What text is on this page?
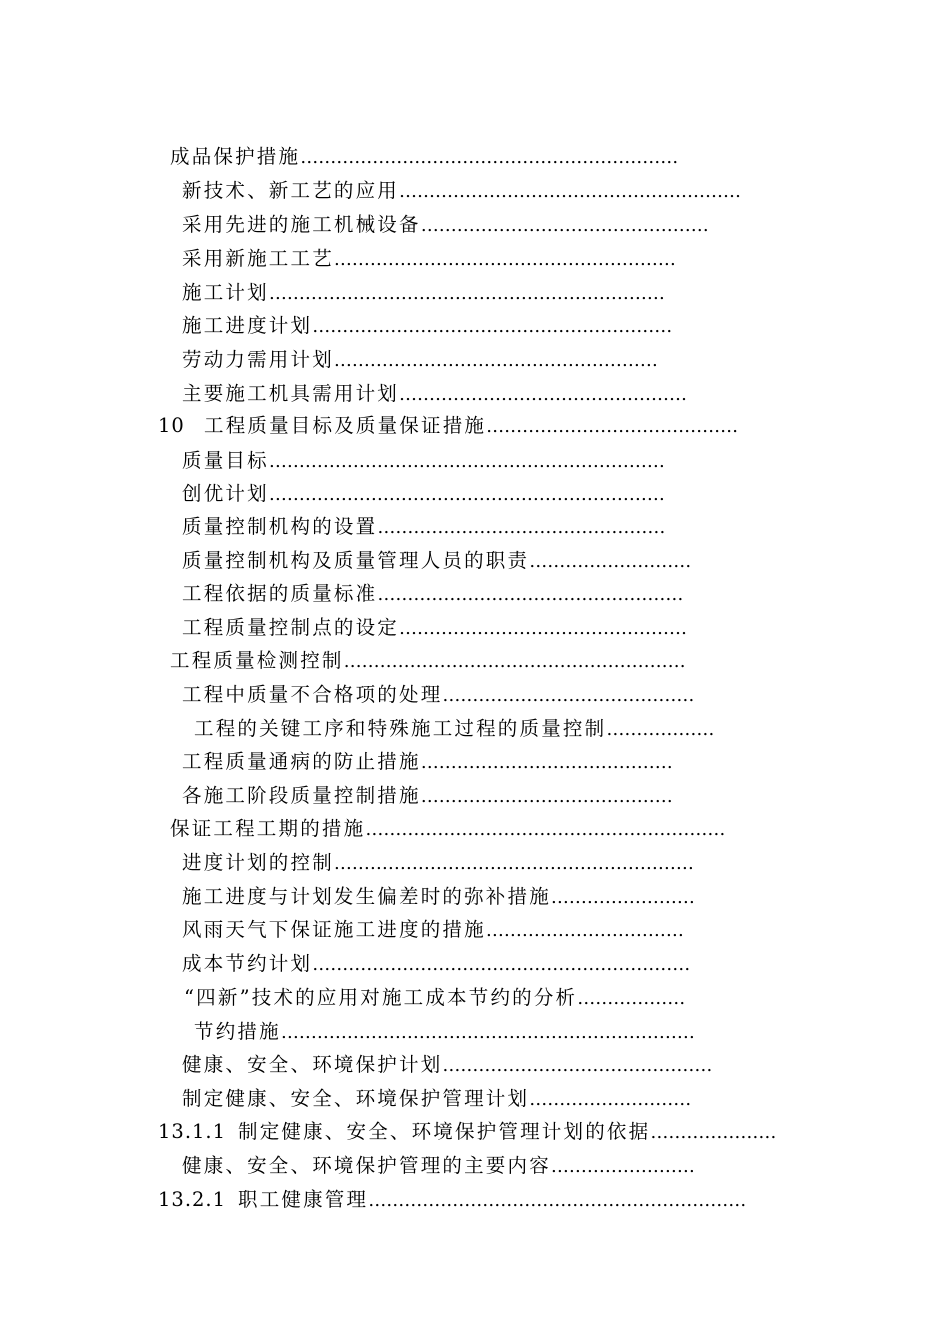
成品保护措施………………………………………………………
新技术、新工艺的应用…………………………………………………
采用先进的施工机械设备…………………………………………
采用新施工工艺…………………………………………………
施工计划…………………………………………………………
施工进度计划……………………………………………………
劳动力需用计划………………………………………………
主要施工机具需用计划…………………………………………
10 工程质量目标及质量保证措施……………………………………
质量目标…………………………………………………………
创优计划…………………………………………………………
质量控制机构的设置…………………………………………
质量控制机构及质量管理人员的职责………………………
工程依据的质量标准……………………………………………
工程质量控制点的设定…………………………………………
工程质量检测控制…………………………………………………
工程中质量不合格项的处理……………………………………
工程的关键工序和特殊施工过程的质量控制………………
工程质量通病的防止措施……………………………………
各施工阶段质量控制措施……………………………………
保证工程工期的措施……………………………………………………
进度计划的控制……………………………………………………
施工进度与计划发生偏差时的弥补措施……………………
风雨天气下保证施工进度的措施……………………………
成本节约计划………………………………………………………
“四新”技术的应用对施工成本节约的分析………………
节约措施……………………………………………………………
健康、安全、环境保护计划………………………………………
制定健康、安全、环境保护管理计划………………………
13.1.1 制定健康、安全、环境保护管理计划的依据…………………
健康、安全、环境保护管理的主要内容……………………
13.2.1 职工健康管理………………………………………………………
